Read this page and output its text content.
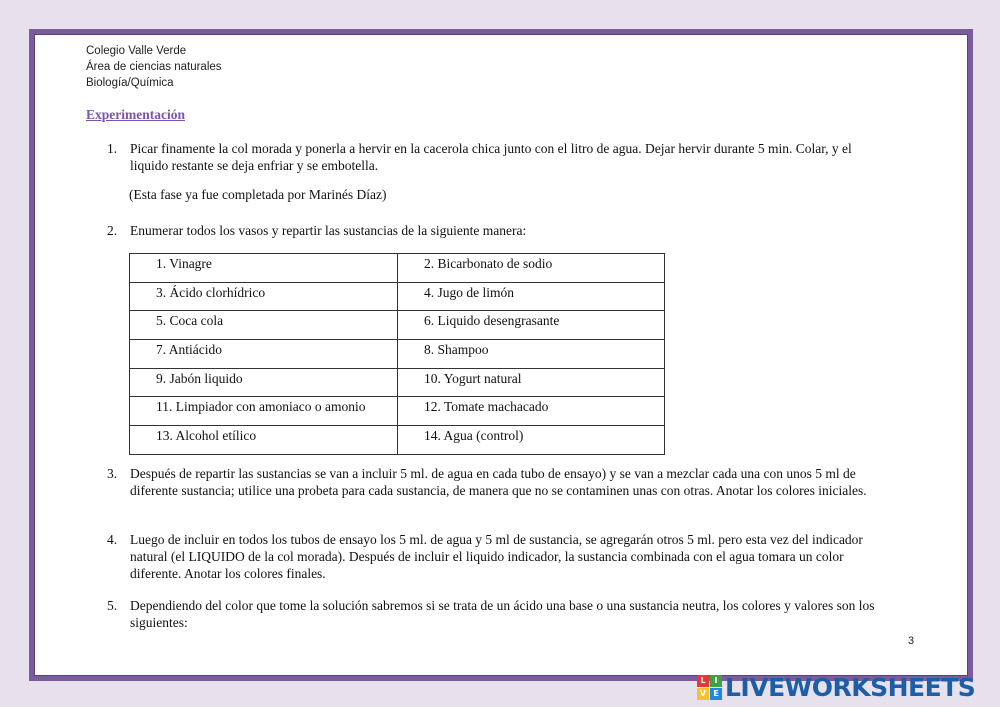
Colegio Valle Verde
Área de ciencias naturales
Biología/Química
Experimentación
1. Picar finamente la col morada y ponerla a hervir en la cacerola chica junto con el litro de agua. Dejar hervir durante 5 min. Colar, y el
liquido restante se deja enfriar y se embotella.
(Esta fase ya fue completada por Marinés Díaz)
2. Enumerar todos los vasos y repartir las sustancias de la siguiente manera:
1. Vinagre	2. Bicarbonato de sodio
3. Ácido clorhídrico	4. Jugo de limón
5. Coca cola	6. Liquido desengrasante
7. Antiácido	8. Shampoo
9. Jabón liquido	10. Yogurt natural
11. Limpiador con amoniaco o amonio	12. Tomate machacado
13. Alcohol etílico	14. Agua (control)
3. Después de repartir las sustancias se van a incluir 5 ml. de agua en cada tubo de ensayo) y se van a mezclar cada una con unos 5 ml de
diferente sustancia; utilice una probeta para cada sustancia, de manera que no se contaminen unas con otras. Anotar los colores iniciales.
4. Luego de incluir en todos los tubos de ensayo los 5 ml. de agua y 5 ml de sustancia, se agregarán otros 5 ml. pero esta vez del indicador
natural (el LIQUIDO de la col morada). Después de incluir el liquido indicador, la sustancia combinada con el agua tomara un color
diferente. Anotar los colores finales.
5. Dependiendo del color que tome la solución sabremos si se trata de un ácido una base o una sustancia neutra, los colores y valores son los
siguientes:
3
L	I
V E LIVEWORKSHEETS
